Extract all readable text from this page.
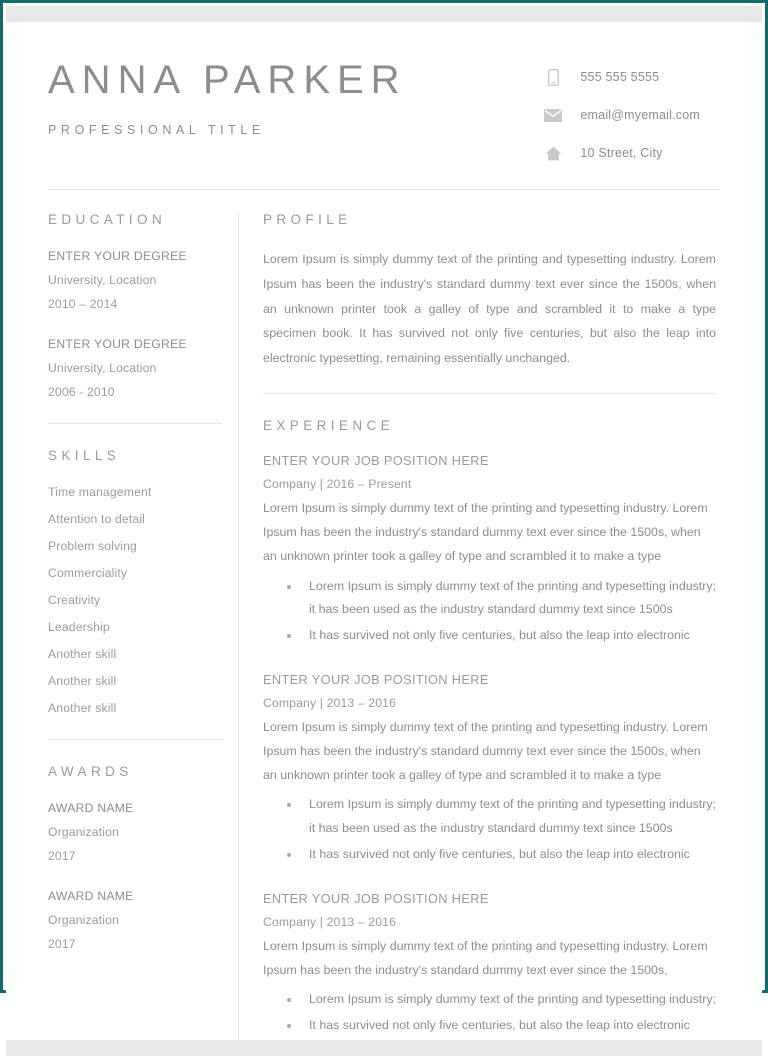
ANNA PARKER
PROFESSIONAL TITLE
555 555 5555
email@myemail.com
10 Street, City
EDUCATION
ENTER YOUR DEGREE
University, Location
2010 – 2014
ENTER YOUR DEGREE
University, Location
2006 - 2010
SKILLS
Time management
Attention to detail
Problem solving
Commerciality
Creativity
Leadership
Another skill
Another skill
Another skill
AWARDS
AWARD NAME
Organization
2017
AWARD NAME
Organization
2017
PROFILE

Lorem Ipsum is simply dummy text of the printing and typesetting industry. Lorem Ipsum has been the industry's standard dummy text ever since the 1500s, when an unknown printer took a galley of type and scrambled it to make a type specimen book. It has survived not only five centuries, but also the leap into electronic typesetting, remaining essentially unchanged.

EXPERIENCE
ENTER YOUR JOB POSITION HERE
Company | 2016 – Present

Lorem Ipsum is simply dummy text of the printing and typesetting industry. Lorem Ipsum has been the industry's standard dummy text ever since the 1500s, when an unknown printer took a galley of type and scrambled it to make a type

Lorem Ipsum is simply dummy text of the printing and typesetting industry; it has been used as the industry standard dummy text since 1500s
It has survived not only five centuries, but also the leap into electronic
ENTER YOUR JOB POSITION HERE
Company | 2013 – 2016

Lorem Ipsum is simply dummy text of the printing and typesetting industry. Lorem Ipsum has been the industry's standard dummy text ever since the 1500s, when an unknown printer took a galley of type and scrambled it to make a type

Lorem Ipsum is simply dummy text of the printing and typesetting industry; it has been used as the industry standard dummy text since 1500s
It has survived not only five centuries, but also the leap into electronic
ENTER YOUR JOB POSITION HERE
Company | 2013 – 2016

Lorem Ipsum is simply dummy text of the printing and typesetting industry. Lorem Ipsum has been the industry's standard dummy text ever since the 1500s,

Lorem Ipsum is simply dummy text of the printing and typesetting industry;
It has survived not only five centuries, but also the leap into electronic
